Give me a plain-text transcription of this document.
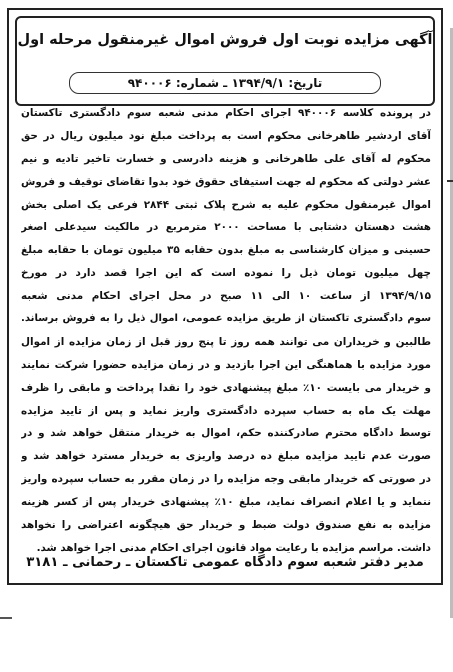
آگهی مزایده نوبت اول فروش اموال غیرمنقول مرحله اول
تاریخ: ۱۳۹۴/۹/۱ ـ شماره: ۹۴۰۰۰۶
در پرونده کلاسه ۹۴۰۰۰۶ اجرای احکام مدنی شعبه سوم دادگستری تاکستان
آقای اردشیر طاهرخانی محکوم است به پرداخت مبلغ نود میلیون ریال در حق
محکوم له آقای علی طاهرخانی و هزینه دادرسی و خسارت تاخیر تادیه و نیم
عشر دولتی که محکوم له جهت استیفای حقوق خود بدوا تقاضای توقیف و فروش
اموال غیرمنقول محکوم علیه به شرح پلاک ثبتی ۲۸۴۴ فرعی یک اصلی بخش
هشت دهستان دشتابی با مساحت ۲۰۰۰ مترمربع در مالکیت سیدعلی اصغر
حسینی و میزان کارشناسی به مبلغ بدون حقابه ۳۵ میلیون تومان با حقابه مبلغ
چهل میلیون تومان ذیل را نموده است که این اجرا قصد دارد در مورخ
۱۳۹۴/۹/۱۵ از ساعت ۱۰ الی ۱۱ صبح در محل اجرای احکام مدنی شعبه
سوم دادگستری تاکستان از طریق مزایده عمومی، اموال ذیل را به فروش برساند.
طالبین و خریداران می توانند همه روز تا پنج روز قبل از زمان مزایده از اموال
مورد مزایده با هماهنگی این اجرا بازدید و در زمان مزایده حضورا شرکت نمایند
و خریدار می بایست ۱۰٪ مبلغ پیشنهادی خود را نقدا پرداخت و مابقی را ظرف
مهلت یک ماه به حساب سپرده دادگستری واریز نماید و پس از تایید مزایده
توسط دادگاه محترم صادرکننده حکم، اموال به خریدار منتقل خواهد شد و در
صورت عدم تایید مزایده مبلغ ده درصد واریزی به خریدار مسترد خواهد شد و
در صورتی که خریدار مابقی وجه مزایده را در زمان مقرر به حساب سپرده واریز
ننماید و یا اعلام انصراف نماید، مبلغ ۱۰٪ پیشنهادی خریدار پس از کسر هزینه
مزایده به نفع صندوق دولت ضبط و خریدار حق هیچگونه اعتراضی را نخواهد
داشت. مراسم مزایده با رعایت مواد قانون اجرای احکام مدنی اجرا خواهد شد.
مدیر دفتر شعبه سوم دادگاه عمومی تاکستان ـ رحمانی ـ ۳۱۸۱
